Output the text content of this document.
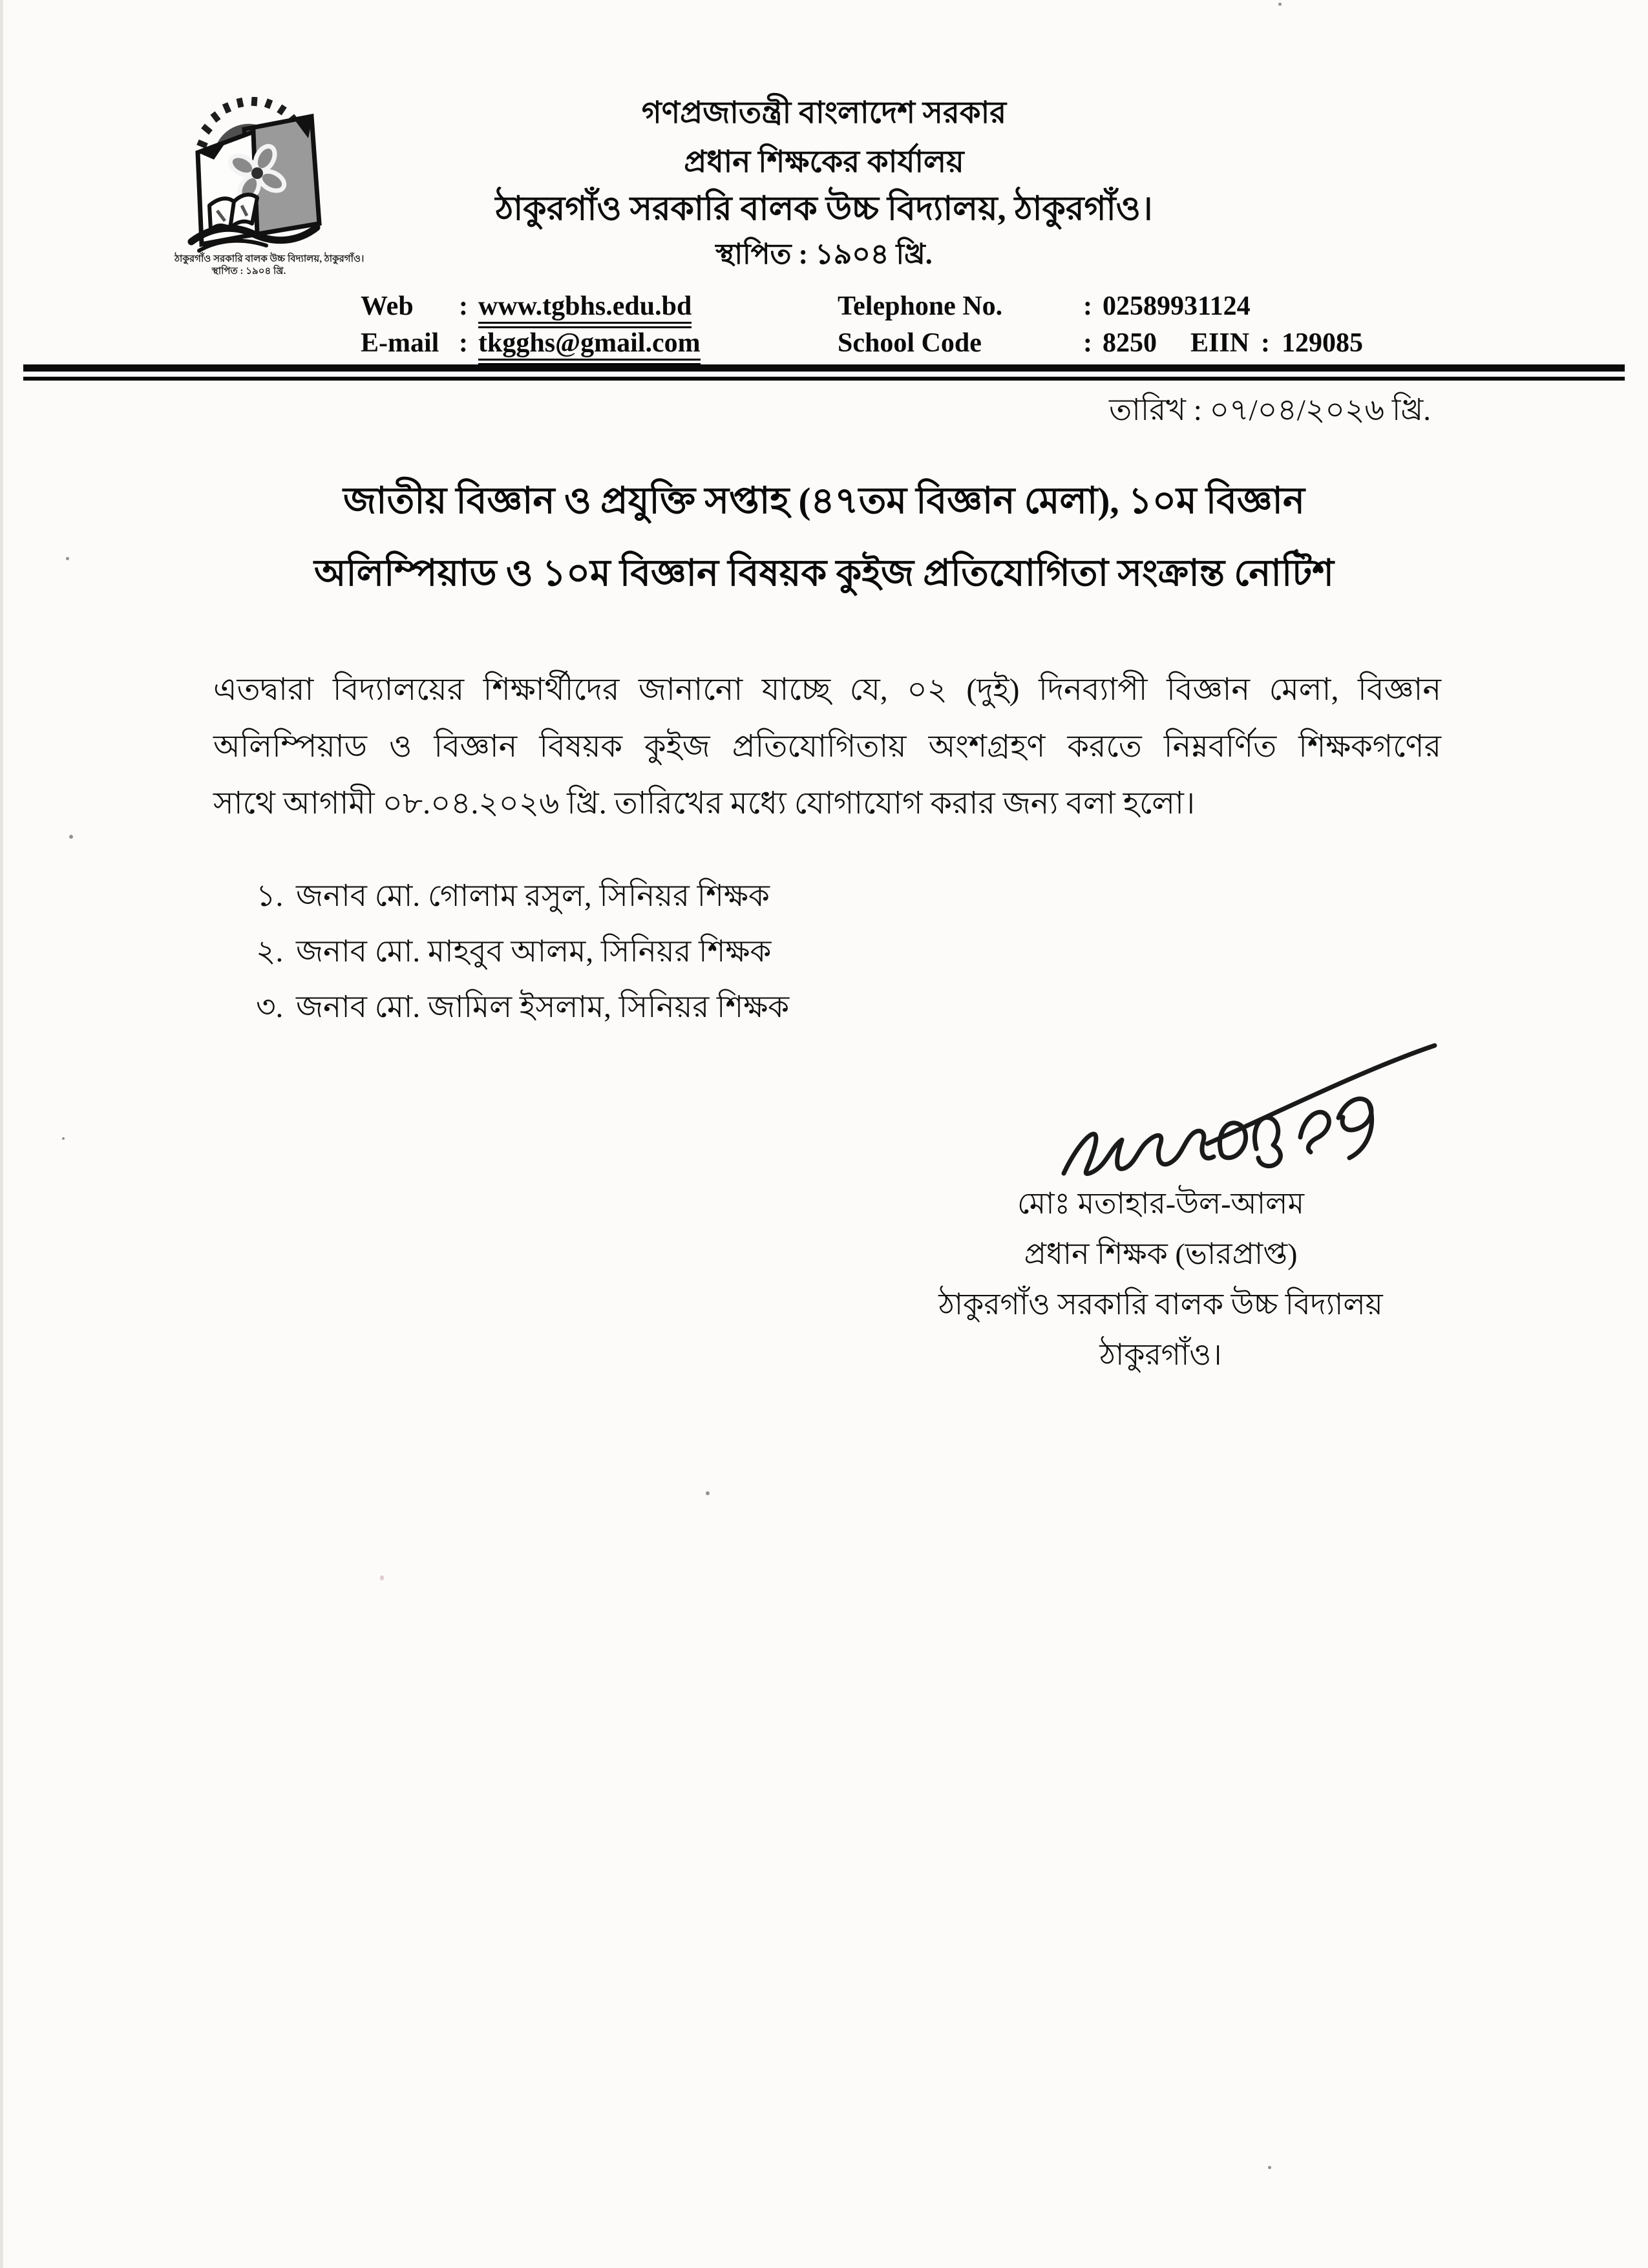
ঠাকুরগাঁও সরকারি বালক উচ্চ বিদ্যালয়, ঠাকুরগাঁও।
স্থাপিত : ১৯০৪ খ্রি.
গণপ্রজাতন্ত্রী বাংলাদেশ সরকার
প্রধান শিক্ষকের কার্যালয়
ঠাকুরগাঁও সরকারি বালক উচ্চ বিদ্যালয়, ঠাকুরগাঁও।
স্থাপিত : ১৯০৪ খ্রি.
Web : www.tgbhs.edu.bd
E-mail : tkgghs@gmail.com
Telephone No.	: 02589931124
School Code	: 8250 EIIN : 129085
তারিখ : ০৭/০৪/২০২৬ খ্রি.
জাতীয় বিজ্ঞান ও প্রযুক্তি সপ্তাহ (৪৭তম বিজ্ঞান মেলা), ১০ম বিজ্ঞান
অলিম্পিয়াড ও ১০ম বিজ্ঞান বিষয়ক কুইজ প্রতিযোগিতা সংক্রান্ত নোটিশ
এতদ্বারা বিদ্যালয়ের শিক্ষার্থীদের জানানো যাচ্ছে যে, ০২ (দুই) দিনব্যাপী বিজ্ঞান মেলা, বিজ্ঞান
অলিম্পিয়াড ও বিজ্ঞান বিষয়ক কুইজ প্রতিযোগিতায় অংশগ্রহণ করতে নিম্নবর্ণিত শিক্ষকগণের
সাথে আগামী ০৮.০৪.২০২৬ খ্রি. তারিখের মধ্যে যোগাযোগ করার জন্য বলা হলো।
১. জনাব মো. গোলাম রসুল, সিনিয়র শিক্ষক
২. জনাব মো. মাহবুব আলম, সিনিয়র শিক্ষক
৩. জনাব মো. জামিল ইসলাম, সিনিয়র শিক্ষক
মোঃ মতাহার-উল-আলম
প্রধান শিক্ষক (ভারপ্রাপ্ত)
ঠাকুরগাঁও সরকারি বালক উচ্চ বিদ্যালয়
ঠাকুরগাঁও।
